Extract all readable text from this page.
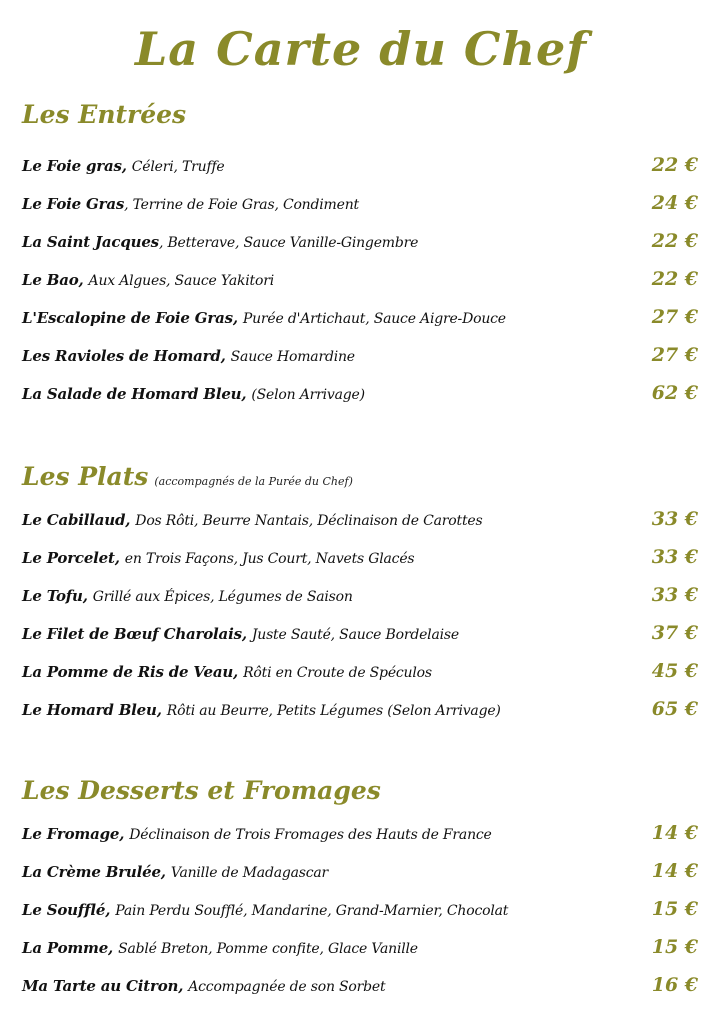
La Carte du Chef
Les Entrées
Le Foie gras, Céleri, Truffe	22 €
Le Foie Gras, Terrine de Foie Gras, Condiment	24 €
La Saint Jacques, Betterave, Sauce Vanille-Gingembre	22 €
Le Bao, Aux Algues, Sauce Yakitori	22 €
L'Escalopine de Foie Gras, Purée d'Artichaut, Sauce Aigre-Douce	27 €
Les Ravioles de Homard, Sauce Homardine	27 €
La Salade de Homard Bleu, (Selon Arrivage)	62 €
Les Plats (accompagnés de la Purée du Chef)
Le Cabillaud, Dos Rôti, Beurre Nantais, Déclinaison de Carottes	33 €
Le Porcelet, en Trois Façons, Jus Court, Navets Glacés	33 €
Le Tofu, Grillé aux Épices, Légumes de Saison	33 €
Le Filet de Bœuf Charolais, Juste Sauté, Sauce Bordelaise	37 €
La Pomme de Ris de Veau, Rôti en Croute de Spéculos	45 €
Le Homard Bleu, Rôti au Beurre, Petits Légumes (Selon Arrivage)	65 €
Les Desserts et Fromages
Le Fromage, Déclinaison de Trois Fromages des Hauts de France	14 €
La Crème Brulée, Vanille de Madagascar	14 €
Le Soufflé, Pain Perdu Soufflé, Mandarine, Grand-Marnier, Chocolat	15 €
La Pomme, Sablé Breton, Pomme confite, Glace Vanille	15 €
Ma Tarte au Citron, Accompagnée de son Sorbet	16 €
